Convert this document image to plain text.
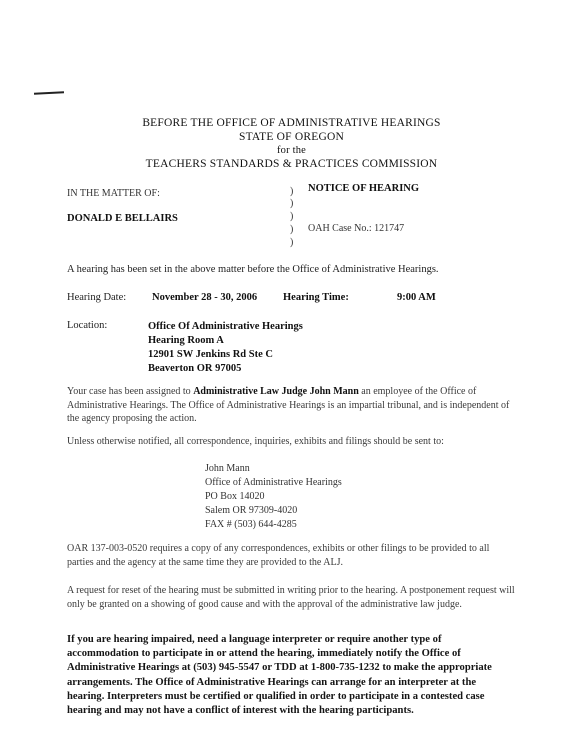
BEFORE THE OFFICE OF ADMINISTRATIVE HEARINGS
STATE OF OREGON
for the
TEACHERS STANDARDS & PRACTICES COMMISSION
IN THE MATTER OF:
DONALD E BELLAIRS
)
)
)
)
)
NOTICE OF HEARING
OAH Case No.: 121747
A hearing has been set in the above matter before the Office of Administrative Hearings.
Hearing Date: November 28 - 30, 2006 Hearing Time:	9:00 AM
Location:	Office Of Administrative Hearings
Hearing Room A
12901 SW Jenkins Rd Ste C
Beaverton OR 97005
Your case has been assigned to Administrative Law Judge John Mann an employee of the Office of Administrative Hearings. The Office of Administrative Hearings is an impartial tribunal, and is independent of the agency proposing the action.
Unless otherwise notified, all correspondence, inquiries, exhibits and filings should be sent to:
John Mann
Office of Administrative Hearings
PO Box 14020
Salem OR 97309-4020
FAX # (503) 644-4285
OAR 137-003-0520 requires a copy of any correspondences, exhibits or other filings to be provided to all parties and the agency at the same time they are provided to the ALJ.
A request for reset of the hearing must be submitted in writing prior to the hearing. A postponement request will only be granted on a showing of good cause and with the approval of the administrative law judge.
If you are hearing impaired, need a language interpreter or require another type of accommodation to participate in or attend the hearing, immediately notify the Office of Administrative Hearings at (503) 945-5547 or TDD at 1-800-735-1232 to make the appropriate arrangements. The Office of Administrative Hearings can arrange for an interpreter at the hearing. Interpreters must be certified or qualified in order to participate in a contested case hearing and may not have a conflict of interest with the hearing participants.
